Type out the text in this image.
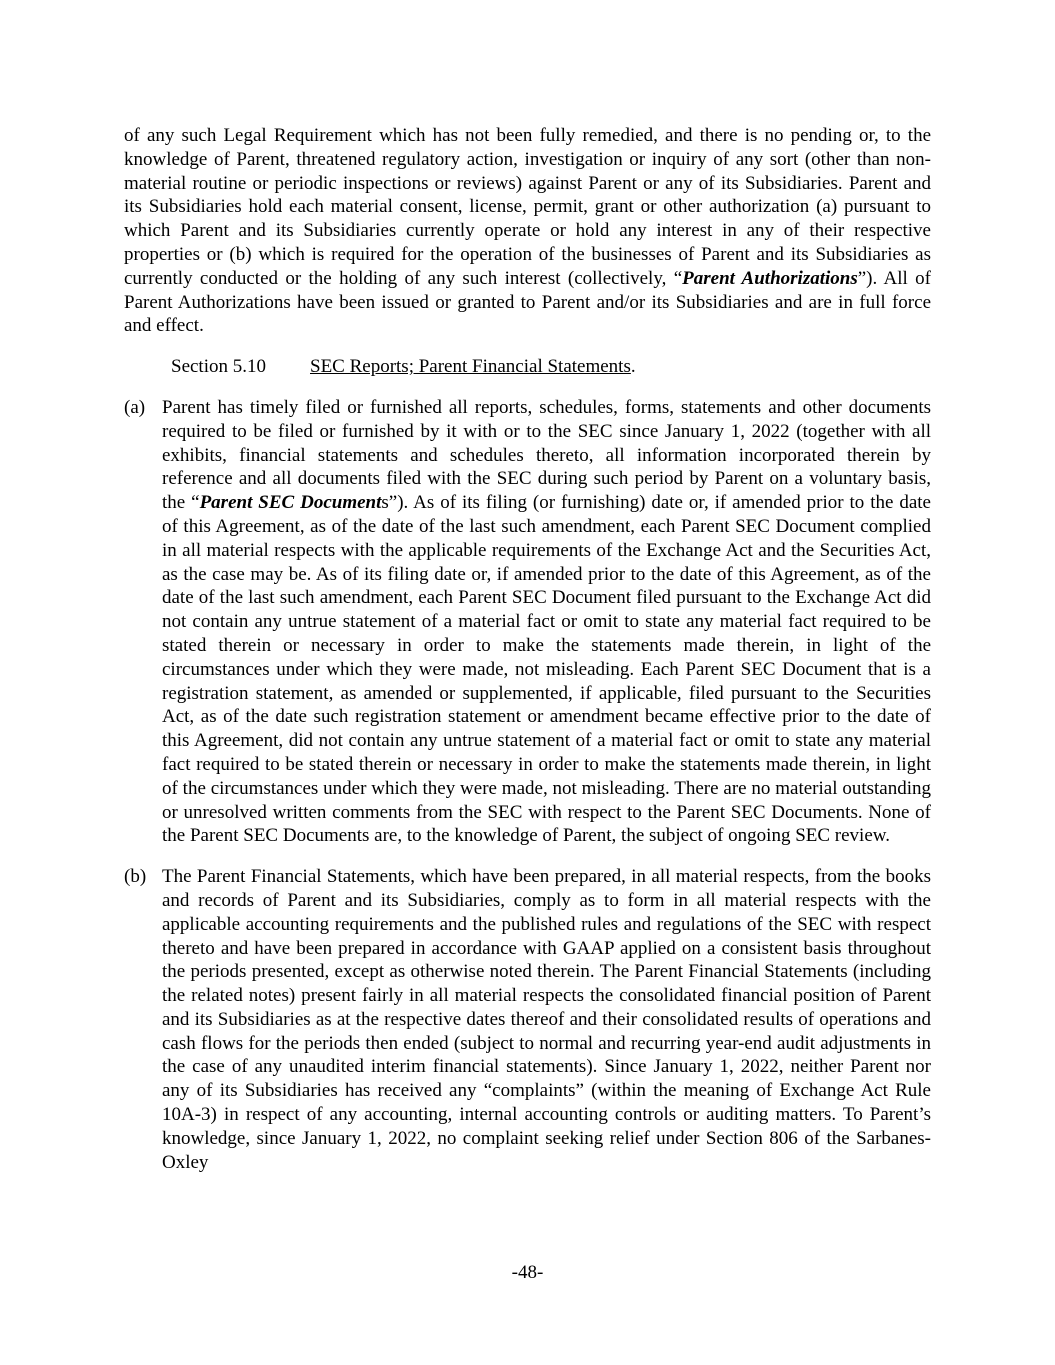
of any such Legal Requirement which has not been fully remedied, and there is no pending or, to the knowledge of Parent, threatened regulatory action, investigation or inquiry of any sort (other than non-material routine or periodic inspections or reviews) against Parent or any of its Subsidiaries. Parent and its Subsidiaries hold each material consent, license, permit, grant or other authorization (a) pursuant to which Parent and its Subsidiaries currently operate or hold any interest in any of their respective properties or (b) which is required for the operation of the businesses of Parent and its Subsidiaries as currently conducted or the holding of any such interest (collectively, “Parent Authorizations”). All of Parent Authorizations have been issued or granted to Parent and/or its Subsidiaries and are in full force and effect.

Section 5.10 SEC Reports; Parent Financial Statements.

(a) Parent has timely filed or furnished all reports, schedules, forms, statements and other documents required to be filed or furnished by it with or to the SEC since January 1, 2022 (together with all exhibits, financial statements and schedules thereto, all information incorporated therein by reference and all documents filed with the SEC during such period by Parent on a voluntary basis, the “Parent SEC Documents”). As of its filing (or furnishing) date or, if amended prior to the date of this Agreement, as of the date of the last such amendment, each Parent SEC Document complied in all material respects with the applicable requirements of the Exchange Act and the Securities Act, as the case may be. As of its filing date or, if amended prior to the date of this Agreement, as of the date of the last such amendment, each Parent SEC Document filed pursuant to the Exchange Act did not contain any untrue statement of a material fact or omit to state any material fact required to be stated therein or necessary in order to make the statements made therein, in light of the circumstances under which they were made, not misleading. Each Parent SEC Document that is a registration statement, as amended or supplemented, if applicable, filed pursuant to the Securities Act, as of the date such registration statement or amendment became effective prior to the date of this Agreement, did not contain any untrue statement of a material fact or omit to state any material fact required to be stated therein or necessary in order to make the statements made therein, in light of the circumstances under which they were made, not misleading. There are no material outstanding or unresolved written comments from the SEC with respect to the Parent SEC Documents. None of the Parent SEC Documents are, to the knowledge of Parent, the subject of ongoing SEC review.
(b) The Parent Financial Statements, which have been prepared, in all material respects, from the books and records of Parent and its Subsidiaries, comply as to form in all material respects with the applicable accounting requirements and the published rules and regulations of the SEC with respect thereto and have been prepared in accordance with GAAP applied on a consistent basis throughout the periods presented, except as otherwise noted therein. The Parent Financial Statements (including the related notes) present fairly in all material respects the consolidated financial position of Parent and its Subsidiaries as at the respective dates thereof and their consolidated results of operations and cash flows for the periods then ended (subject to normal and recurring year-end audit adjustments in the case of any unaudited interim financial statements). Since January 1, 2022, neither Parent nor any of its Subsidiaries has received any “complaints” (within the meaning of Exchange Act Rule 10A-3) in respect of any accounting, internal accounting controls or auditing matters. To Parent’s knowledge, since January 1, 2022, no complaint seeking relief under Section 806 of the Sarbanes-Oxley
-48-
